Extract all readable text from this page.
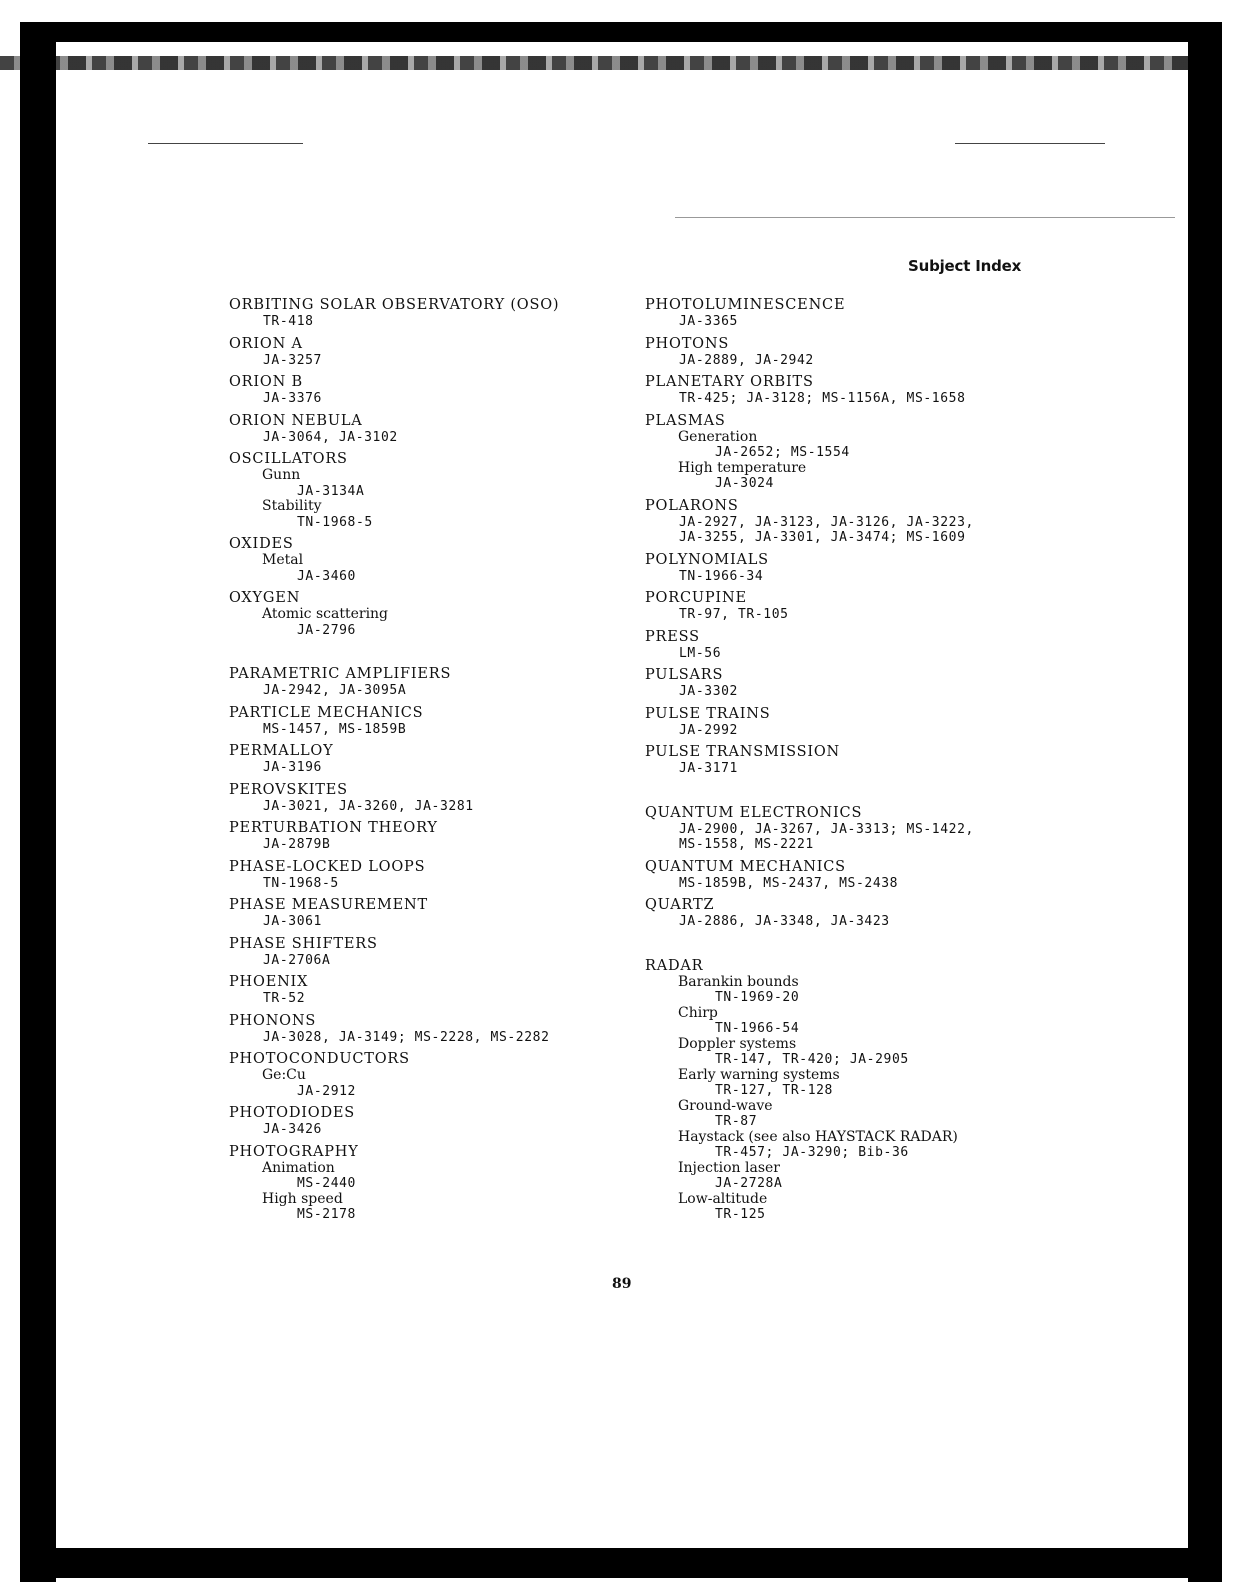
Subject Index
ORBITING SOLAR OBSERVATORY (OSO)
TR-418
ORION A
JA-3257
ORION B
JA-3376
ORION NEBULA
JA-3064, JA-3102
OSCILLATORS
Gunn
JA-3134A
Stability
TN-1968-5
OXIDES
Metal
JA-3460
OXYGEN
Atomic scattering
JA-2796
PARAMETRIC AMPLIFIERS
JA-2942, JA-3095A
PARTICLE MECHANICS
MS-1457, MS-1859B
PERMALLOY
JA-3196
PEROVSKITES
JA-3021, JA-3260, JA-3281
PERTURBATION THEORY
JA-2879B
PHASE-LOCKED LOOPS
TN-1968-5
PHASE MEASUREMENT
JA-3061
PHASE SHIFTERS
JA-2706A
PHOENIX
TR-52
PHONONS
JA-3028, JA-3149; MS-2228, MS-2282
PHOTOCONDUCTORS
Ge:Cu
JA-2912
PHOTODIODES
JA-3426
PHOTOGRAPHY
Animation
MS-2440
High speed
MS-2178
PHOTOLUMINESCENCE
JA-3365
PHOTONS
JA-2889, JA-2942
PLANETARY ORBITS
TR-425; JA-3128; MS-1156A, MS-1658
PLASMAS
Generation
JA-2652; MS-1554
High temperature
JA-3024
POLARONS
JA-2927, JA-3123, JA-3126, JA-3223,
JA-3255, JA-3301, JA-3474; MS-1609
POLYNOMIALS
TN-1966-34
PORCUPINE
TR-97, TR-105
PRESS
LM-56
PULSARS
JA-3302
PULSE TRAINS
JA-2992
PULSE TRANSMISSION
JA-3171
QUANTUM ELECTRONICS
JA-2900, JA-3267, JA-3313; MS-1422,
MS-1558, MS-2221
QUANTUM MECHANICS
MS-1859B, MS-2437, MS-2438
QUARTZ
JA-2886, JA-3348, JA-3423
RADAR
Barankin bounds
TN-1969-20
Chirp
TN-1966-54
Doppler systems
TR-147, TR-420; JA-2905
Early warning systems
TR-127, TR-128
Ground-wave
TR-87
Haystack (see also HAYSTACK RADAR)
TR-457; JA-3290; Bib-36
Injection laser
JA-2728A
Low-altitude
TR-125
89
